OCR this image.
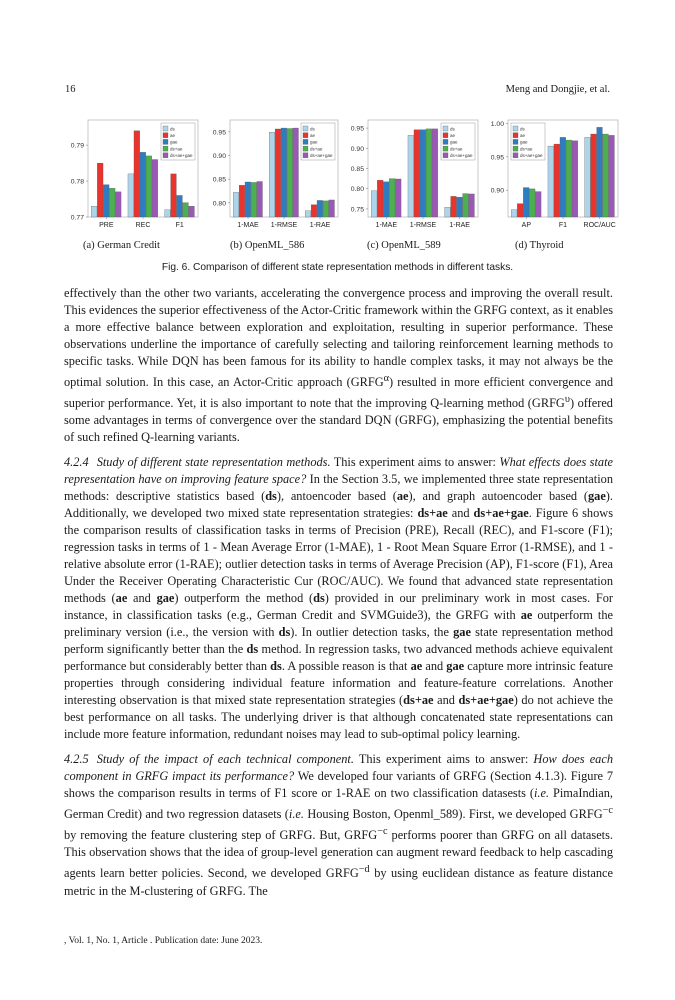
16	Meng and Dongjie, et al.
0.77
0.78
0.79
PRE	REC	F1
ds
ae
gae
ds+ae
ds+ae+gae
0.80
0.85
0.90
0.95
1-MAE 1-RMSE 1-RAE
ds
ae
gae
ds+ae
ds+ae+gae
0.75
0.80
0.85
0.90
0.95
1-MAE 1-RMSE 1-RAE
ds
ae
gae
ds+ae
ds+ae+gae
0.90
0.95
1.00
AP	F1 ROC/AUC
ds
ae
gae
ds+ae
ds+ae+gae
(a) German Credit	(b) OpenML_586	(c) OpenML_589	(d) Thyroid
Fig. 6. Comparison of different state representation methods in different tasks.

effectively than the other two variants, accelerating the convergence process and improving the overall result. This evidences the superior effectiveness of the Actor-Critic framework within the GRFG context, as it enables a more effective balance between exploration and exploitation, resulting in superior performance. These observations underline the importance of carefully selecting and tailoring reinforcement learning methods to specific tasks. While DQN has been famous for its ability to handle complex tasks, it may not always be the optimal solution. In this case, an Actor-Critic approach $(GRFG^\alpha)$ resulted in more efficient convergence and superior performance. Yet, it is also important to note that the improving Q-learning method $(GRFG^\upsilon)$ offered some advantages in terms of convergence over the standard DQN (GRFG), emphasizing the potential benefits of such refined Q-learning variants.

4.2.4 Study of different state representation methods. This experiment aims to answer: What effects does state representation have on improving feature space? In the Section 3.5, we implemented three state representation methods: descriptive statistics based (ds), antoencoder based (ae), and graph autoencoder based (gae). Additionally, we developed two mixed state representation strategies: ds+ae and ds+ae+gae. Figure 6 shows the comparison results of classification tasks in terms of Precision (PRE), Recall (REC), and F1-score (F1); regression tasks in terms of 1 - Mean Average Error (1-MAE), 1 - Root Mean Square Error (1-RMSE), and 1 - relative absolute error (1-RAE); outlier detection tasks in terms of Average Precision (AP), F1-score (F1), Area Under the Receiver Operating Characteristic Cur (ROC/AUC). We found that advanced state representation methods (ae and gae) outperform the method (ds) provided in our preliminary work in most cases. For instance, in classification tasks (e.g., German Credit and SVMGuide3), the GRFG with ae outperform the preliminary version (i.e., the version with ds). In outlier detection tasks, the gae state representation method perform significantly better than the ds method. In regression tasks, two advanced methods achieve equivalent performance but considerably better than ds. A possible reason is that ae and gae capture more intrinsic feature properties through considering individual feature information and feature-feature correlations. Another interesting observation is that mixed state representation strategies (ds+ae and ds+ae+gae) do not achieve the best performance on all tasks. The underlying driver is that although concatenated state representations can include more feature information, redundant noises may lead to sub-optimal policy learning.

4.2.5 Study of the impact of each technical component. This experiment aims to answer: How does each component in GRFG impact its performance? We developed four variants of GRFG (Section 4.1.3). Figure 7 shows the comparison results in terms of F1 score or 1-RAE on two classification datasests (i.e. PimaIndian, German Credit) and two regression datasets (i.e. Housing Boston, Openml_589). First, we developed $GRFG^{-c}$ by removing the feature clustering step of GRFG. But, $GRFG^{-c}$ performs poorer than GRFG on all datasets. This observation shows that the idea of group-level generation can augment reward feedback to help cascading agents learn better policies. Second, we developed $GRFG^{-d}$ by using euclidean distance as feature distance metric in the M-clustering of GRFG. The

, Vol. 1, No. 1, Article . Publication date: June 2023.
